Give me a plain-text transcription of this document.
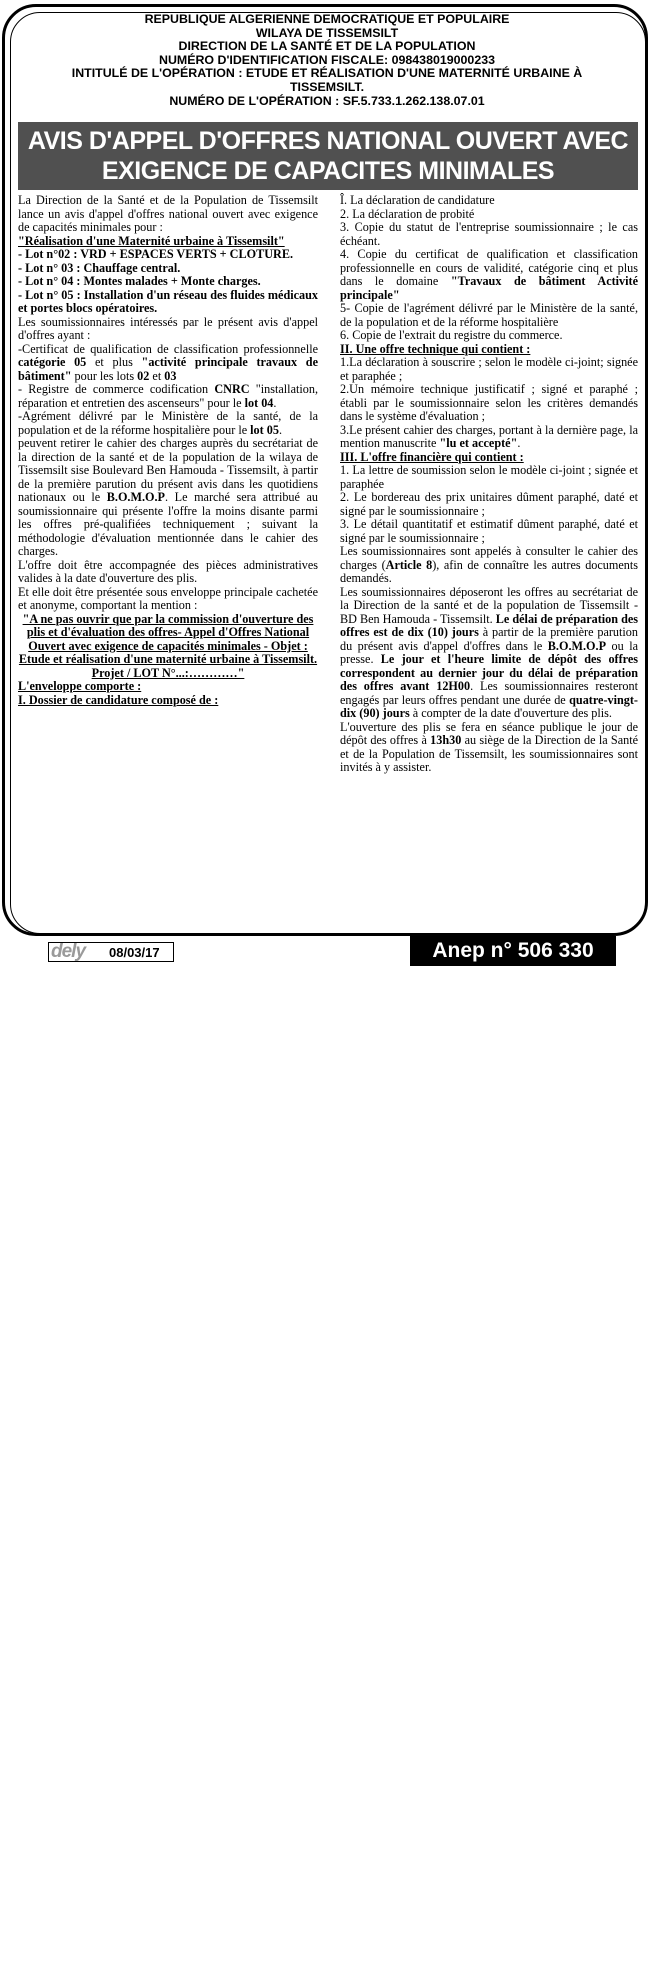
REPUBLIQUE ALGERIENNE DEMOCRATIQUE ET POPULAIRE
WILAYA DE TISSEMSILT
DIRECTION DE LA SANTÉ ET DE LA POPULATION
NUMÉRO D'IDENTIFICATION FISCALE: 098438019000233
INTITULÉ DE L'OPÉRATION : ETUDE ET RÉALISATION D'UNE MATERNITÉ URBAINE À TISSEMSILT.
NUMÉRO DE L'OPÉRATION : SF.5.733.1.262.138.07.01
AVIS D'APPEL D'OFFRES NATIONAL OUVERT AVEC
EXIGENCE DE CAPACITES MINIMALES

La Direction de la Santé et de la Population de Tissemsilt lance un avis d'appel d'offres national ouvert avec exigence de capacités minimales pour :

"Réalisation d'une Maternité urbaine à Tissemsilt"

- Lot n°02 : VRD + ESPACES VERTS + CLOTURE.

- Lot n° 03 : Chauffage central.

- Lot n° 04 : Montes malades + Monte charges.

- Lot n° 05 : Installation d'un réseau des fluides médicaux et portes blocs opératoires.

Les soumissionnaires intéressés par le présent avis d'appel d'offres ayant :

-Certificat de qualification de classification professionnelle catégorie 05 et plus "activité principale travaux de bâtiment" pour les lots 02 et 03

- Registre de commerce codification CNRC "installation, réparation et entretien des ascenseurs" pour le lot 04.

-Agrément délivré par le Ministère de la santé, de la population et de la réforme hospitalière pour le lot 05.

peuvent retirer le cahier des charges auprès du secrétariat de la direction de la santé et de la population de la wilaya de Tissemsilt sise Boulevard Ben Hamouda - Tissemsilt, à partir de la première parution du présent avis dans les quotidiens nationaux ou le B.O.M.O.P. Le marché sera attribué au soumissionnaire qui présente l'offre la moins disante parmi les offres pré-qualifiées techniquement ; suivant la méthodologie d'évaluation mentionnée dans le cahier des charges.

L'offre doit être accompagnée des pièces administratives valides à la date d'ouverture des plis.

Et elle doit être présentée sous enveloppe principale cachetée et anonyme, comportant la mention :

"A ne pas ouvrir que par la commission d'ouverture des plis et d'évaluation des offres- Appel d'Offres National Ouvert avec exigence de capacités minimales - Objet : Etude et réalisation d'une maternité urbaine à Tissemsilt. Projet / LOT N°...:…………"

L'enveloppe comporte :

I. Dossier de candidature composé de :

Î. La déclaration de candidature

2. La déclaration de probité

3. Copie du statut de l'entreprise soumissionnaire ; le cas échéant.

4. Copie du certificat de qualification et classification professionnelle en cours de validité, catégorie cinq et plus dans le domaine "Travaux de bâtiment Activité principale"

5- Copie de l'agrément délivré par le Ministère de la santé, de la population et de la réforme hospitalière

6. Copie de l'extrait du registre du commerce.

II. Une offre technique qui contient :

1.La déclaration à souscrire ; selon le modèle ci-joint; signée et paraphée ;

2.Un mémoire technique justificatif ; signé et paraphé ; établi par le soumissionnaire selon les critères demandés dans le système d'évaluation ;

3.Le présent cahier des charges, portant à la dernière page, la mention manuscrite "lu et accepté".

III. L'offre financière qui contient :

1. La lettre de soumission selon le modèle ci-joint ; signée et paraphée

2. Le bordereau des prix unitaires dûment paraphé, daté et signé par le soumissionnaire ;

3. Le détail quantitatif et estimatif dûment paraphé, daté et signé par le soumissionnaire ;

Les soumissionnaires sont appelés à consulter le cahier des charges (Article 8), afin de connaître les autres documents demandés.

Les soumissionnaires déposeront les offres au secrétariat de la Direction de la santé et de la population de Tissemsilt - BD Ben Hamouda - Tissemsilt. Le délai de préparation des offres est de dix (10) jours à partir de la première parution du présent avis d'appel d'offres dans le B.O.M.O.P ou la presse. Le jour et l'heure limite de dépôt des offres correspondent au dernier jour du délai de préparation des offres avant 12H00. Les soumissionnaires resteront engagés par leurs offres pendant une durée de quatre-vingt-dix (90) jours à compter de la date d'ouverture des plis.

L'ouverture des plis se fera en séance publique le jour de dépôt des offres à 13h30 au siège de la Direction de la Santé et de la Population de Tissemsilt, les soumissionnaires sont invités à y assister.

dely 08/03/17	Anep n° 506 330
